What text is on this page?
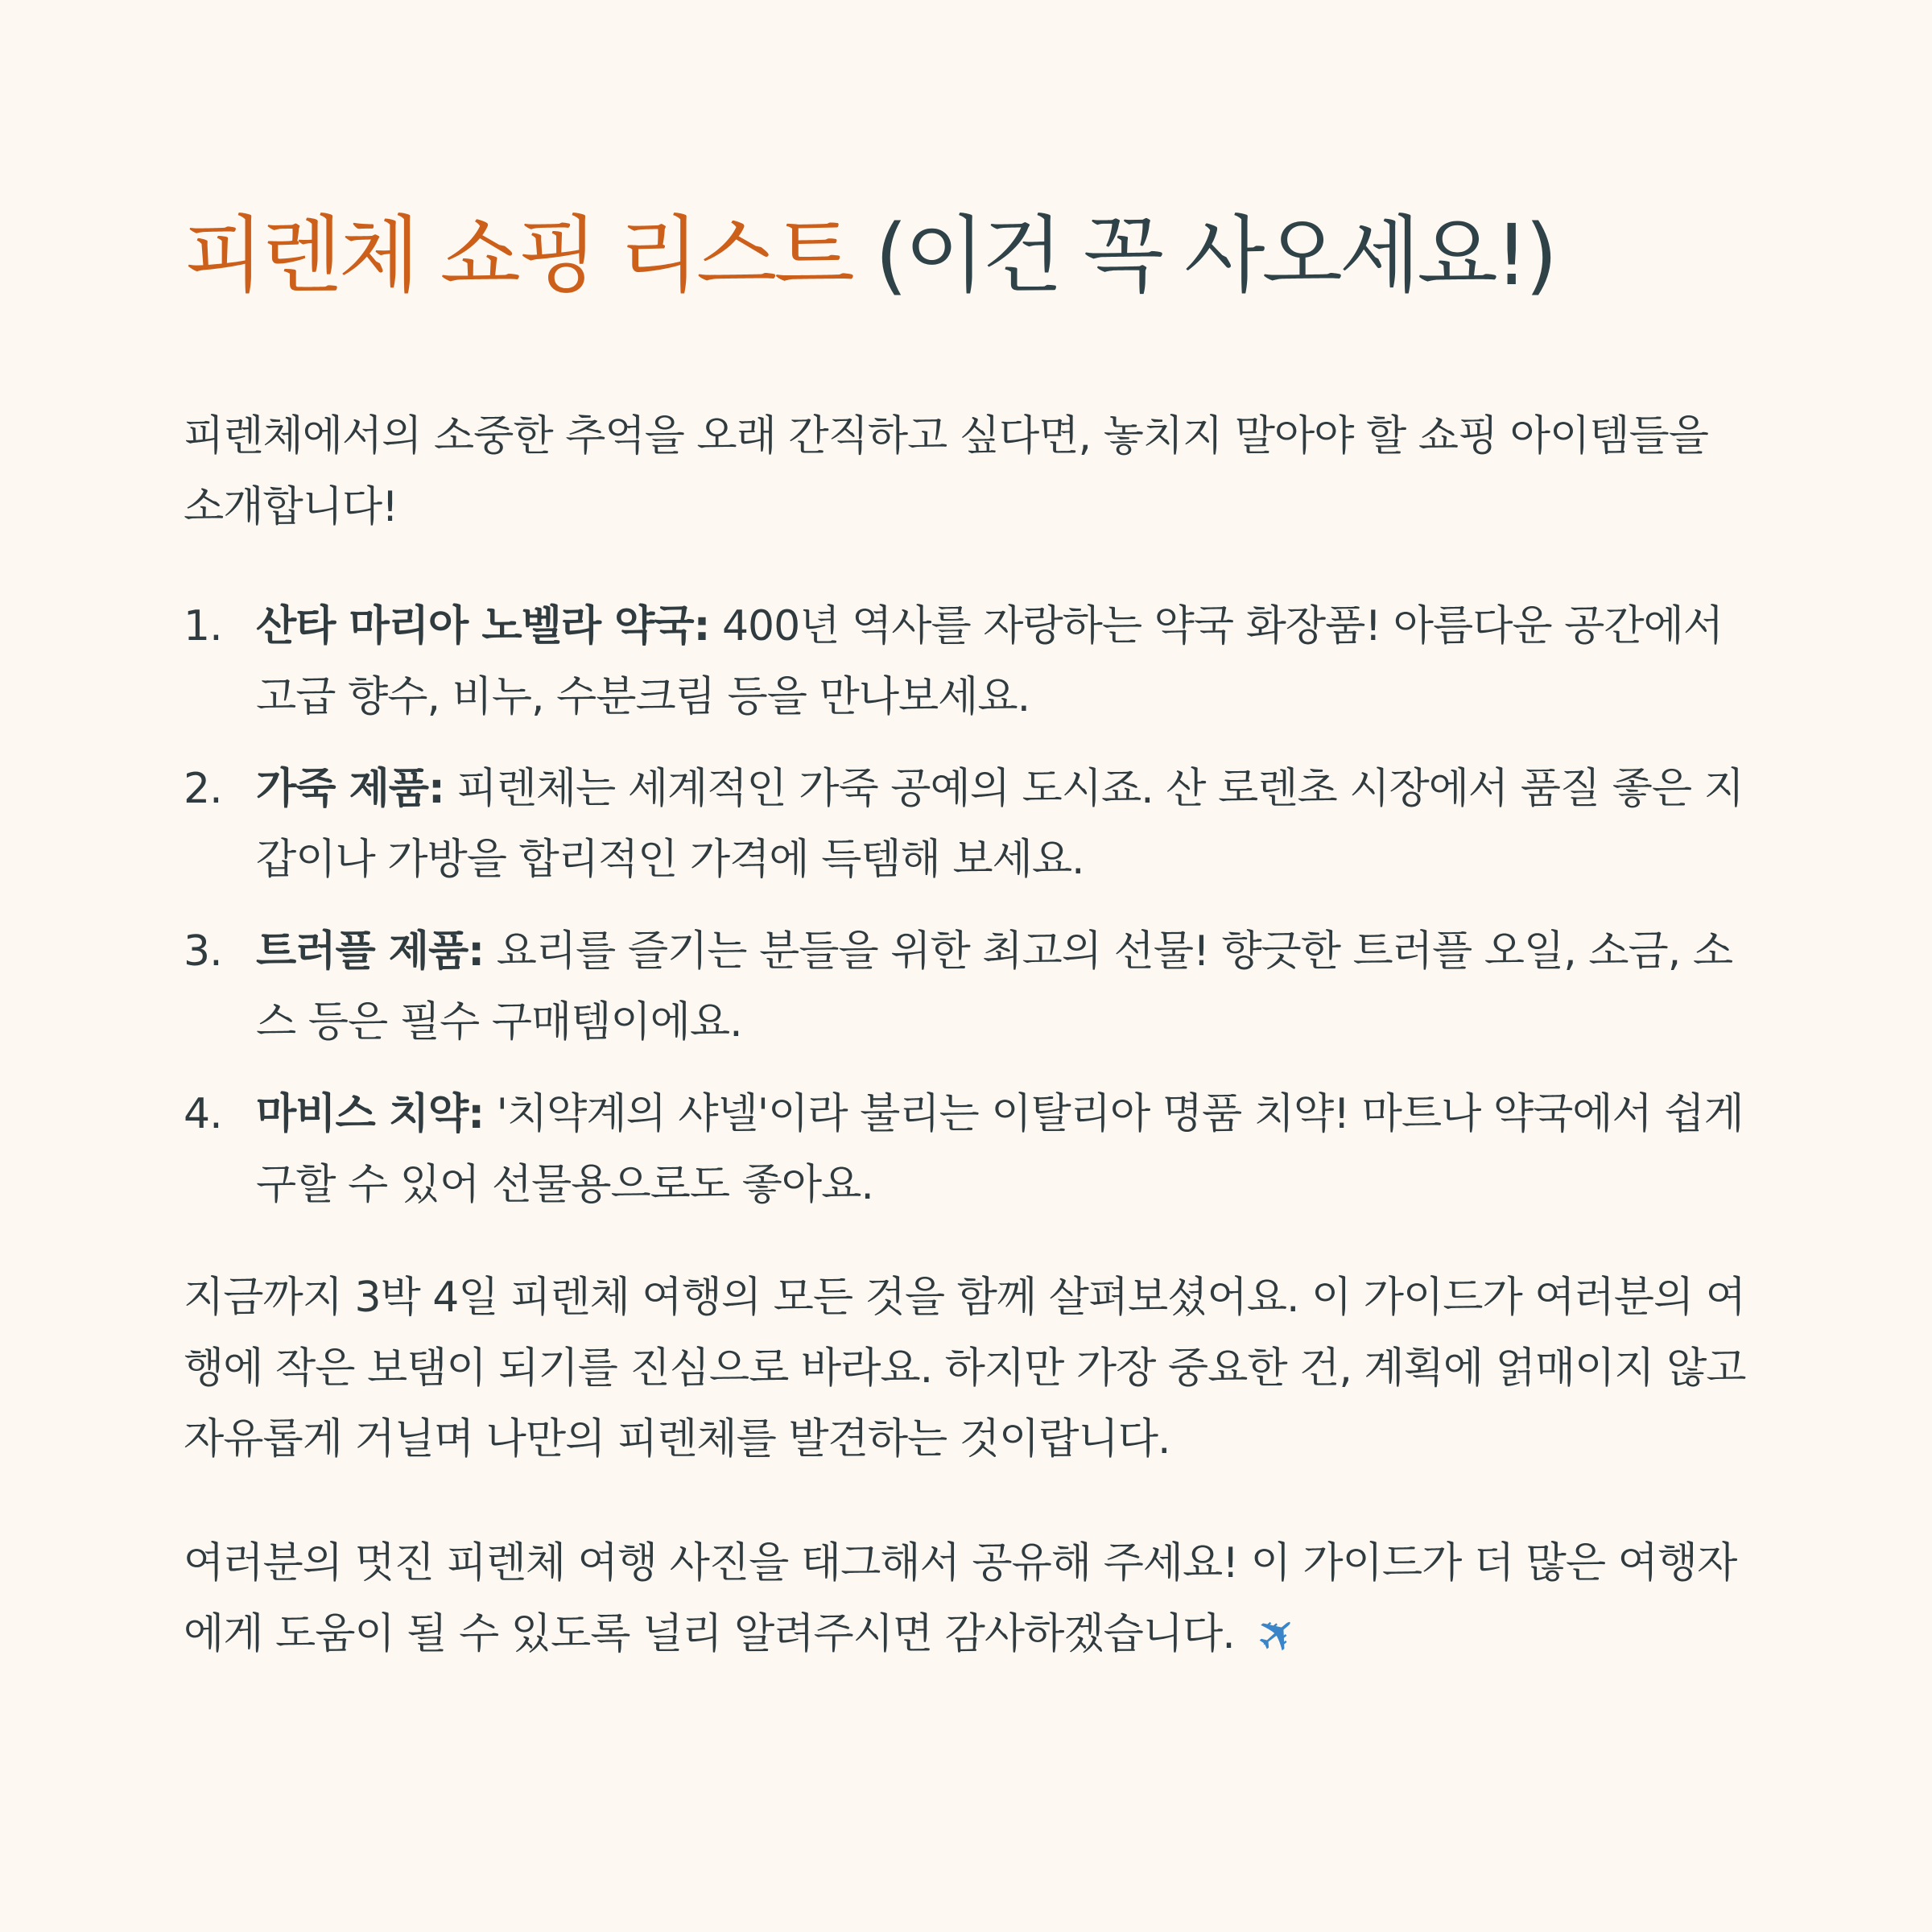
피렌체 쇼핑 리스트 (이건 꼭 사오세요!)

피렌체에서의 소중한 추억을 오래 간직하고 싶다면, 놓치지 말아야 할 쇼핑 아이템들을 소개합니다!

1. 산타 마리아 노벨라 약국: 400년 역사를 자랑하는 약국 화장품! 아름다운 공간에서 고급 향수, 비누, 수분크림 등을 만나보세요.
2. 가죽 제품: 피렌체는 세계적인 가죽 공예의 도시죠. 산 로렌초 시장에서 품질 좋은 지갑이나 가방을 합리적인 가격에 득템해 보세요.
3. 트러플 제품: 요리를 즐기는 분들을 위한 최고의 선물! 향긋한 트러플 오일, 소금, 소스 등은 필수 구매템이에요.
4. 마비스 치약: '치약계의 샤넬'이라 불리는 이탈리아 명품 치약! 마트나 약국에서 쉽게 구할 수 있어 선물용으로도 좋아요.

지금까지 3박 4일 피렌체 여행의 모든 것을 함께 살펴보셨어요. 이 가이드가 여러분의 여행에 작은 보탬이 되기를 진심으로 바라요. 하지만 가장 중요한 건, 계획에 얽매이지 않고 자유롭게 거닐며 나만의 피렌체를 발견하는 것이랍니다.

여러분의 멋진 피렌체 여행 사진을 태그해서 공유해 주세요! 이 가이드가 더 많은 여행자에게 도움이 될 수 있도록 널리 알려주시면 감사하겠습니다. ✈
